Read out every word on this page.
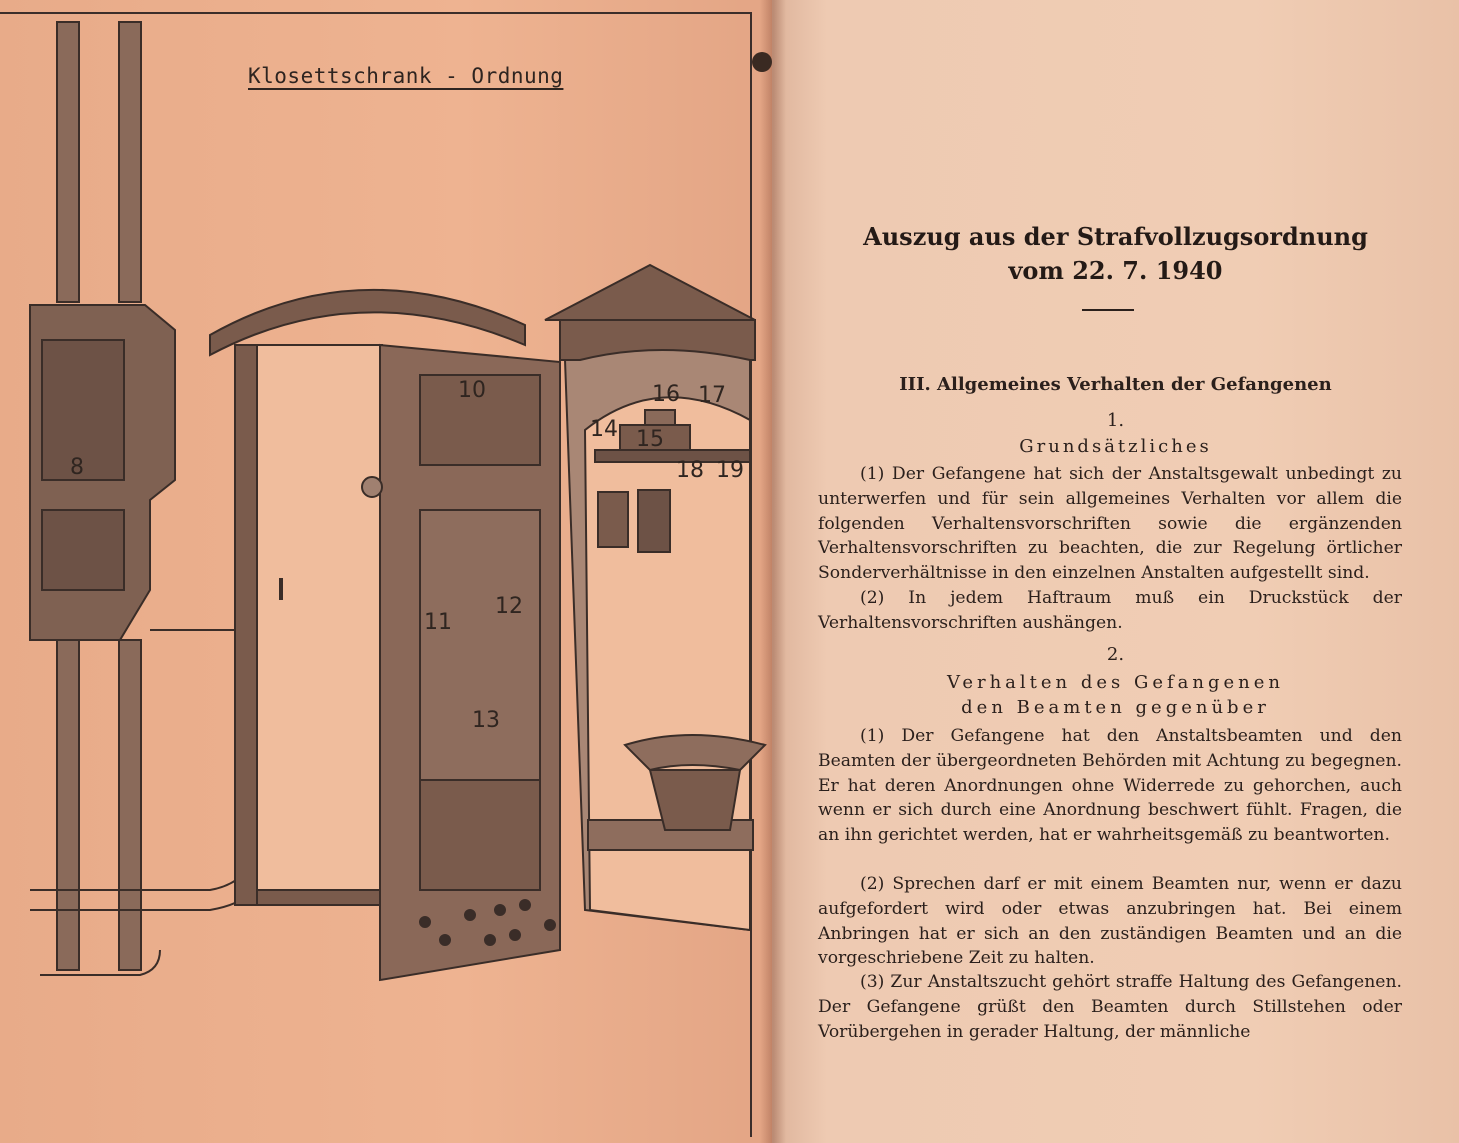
Klosettschrank - Ordnung
8
10
11
12
13
14 15
16 17
18 19
Auszug aus der Strafvollzugsordnung
vom 22. 7. 1940
III. Allgemeines Verhalten der Gefangenen
1.
Grundsätzliches

(1) Der Gefangene hat sich der Anstaltsgewalt unbedingt zu unterwerfen und für sein allgemeines Verhalten vor allem die folgenden Verhaltensvorschriften sowie die ergänzenden Verhaltensvorschriften zu beachten, die zur Regelung örtlicher Sonderverhältnisse in den einzelnen Anstalten aufgestellt sind.

(2) In jedem Haftraum muß ein Druckstück der Verhaltensvorschriften aushängen.

2.
Verhalten des Gefangenen
den Beamten gegenüber

(1) Der Gefangene hat den Anstaltsbeamten und den Beamten der übergeordneten Behörden mit Achtung zu begegnen. Er hat deren Anordnungen ohne Widerrede zu gehorchen, auch wenn er sich durch eine Anordnung beschwert fühlt. Fragen, die an ihn gerichtet werden, hat er wahrheitsgemäß zu beantworten.

(2) Sprechen darf er mit einem Beamten nur, wenn er dazu aufgefordert wird oder etwas anzubringen hat. Bei einem Anbringen hat er sich an den zuständigen Beamten und an die vorgeschriebene Zeit zu halten.

(3) Zur Anstaltszucht gehört straffe Haltung des Gefangenen. Der Gefangene grüßt den Beamten durch Stillstehen oder Vorübergehen in gerader Haltung, der männliche
